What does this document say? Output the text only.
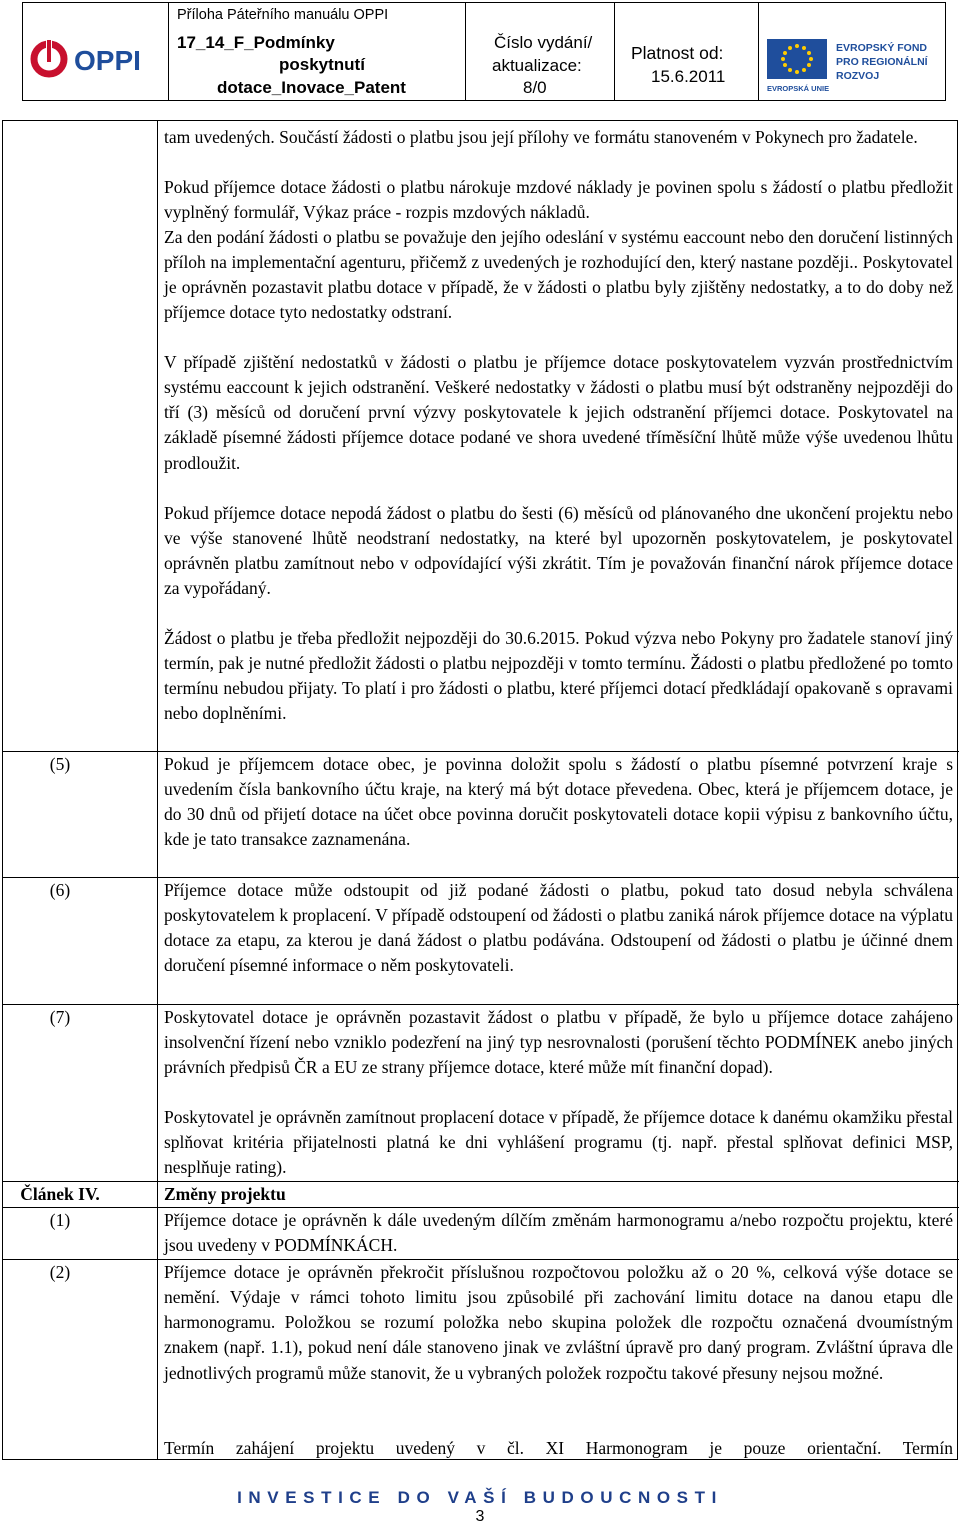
OPPI
Příloha Páteřního manuálu OPPI
17_14_F_Podmínky
poskytnutí
dotace_Inovace_Patent
Číslo vydání/
aktualizace:
8/0
Platnost od:
15.6.2011
EVROPSKÁ UNIE
EVROPSKÝ FOND
PRO REGIONÁLNÍ
ROZVOJ
tam uvedených. Součástí žádosti o platbu jsou její přílohy ve formátu stanoveném v Pokynech pro žadatele.
Pokud příjemce dotace žádosti o platbu nárokuje mzdové náklady je povinen spolu s žádostí o platbu předložit vyplněný formulář, Výkaz práce - rozpis mzdových nákladů.
Za den podání žádosti o platbu se považuje den jejího odeslání v systému eaccount nebo den doručení listinných příloh na implementační agenturu, přičemž z uvedených je rozhodující den, který nastane později.. Poskytovatel je oprávněn pozastavit platbu dotace v případě, že v žádosti o platbu byly zjištěny nedostatky, a to do doby než příjemce dotace tyto nedostatky odstraní.
V případě zjištění nedostatků v žádosti o platbu je příjemce dotace poskytovatelem vyzván prostřednictvím systému eaccount k jejich odstranění. Veškeré nedostatky v žádosti o platbu musí být odstraněny nejpozději do tří (3) měsíců od doručení první výzvy poskytovatele k jejich odstranění příjemci dotace. Poskytovatel na základě písemné žádosti příjemce dotace podané ve shora uvedené tříměsíční lhůtě může výše uvedenou lhůtu prodloužit.
Pokud příjemce dotace nepodá žádost o platbu do šesti (6) měsíců od plánovaného dne ukončení projektu nebo ve výše stanovené lhůtě neodstraní nedostatky, na které byl upozorněn poskytovatelem, je poskytovatel oprávněn platbu zamítnout nebo v odpovídající výši zkrátit. Tím je považován finanční nárok příjemce dotace za vypořádaný.
Žádost o platbu je třeba předložit nejpozději do 30.6.2015. Pokud výzva nebo Pokyny pro žadatele stanoví jiný termín, pak je nutné předložit žádosti o platbu nejpozději v tomto termínu. Žádosti o platbu předložené po tomto termínu nebudou přijaty. To platí i pro žádosti o platbu, které příjemci dotací předkládají opakovaně s opravami nebo doplněními.
(5)	Pokud je příjemcem dotace obec, je povinna doložit spolu s žádostí o platbu písemné potvrzení kraje s uvedením čísla bankovního účtu kraje, na který má být dotace převedena. Obec, která je příjemcem dotace, je do 30 dnů od přijetí dotace na účet obce povinna doručit poskytovateli dotace kopii výpisu z bankovního účtu, kde je tato transakce zaznamenána.
(6)	Příjemce dotace může odstoupit od již podané žádosti o platbu, pokud tato dosud nebyla schválena poskytovatelem k proplacení. V případě odstoupení od žádosti o platbu zaniká nárok příjemce dotace na výplatu dotace za etapu, za kterou je daná žádost o platbu podávána. Odstoupení od žádosti o platbu je účinné dnem doručení písemné informace o něm poskytovateli.
(7)	Poskytovatel dotace je oprávněn pozastavit žádost o platbu v případě, že bylo u příjemce dotace zahájeno insolvenční řízení nebo vzniklo podezření na jiný typ nesrovnalosti (porušení těchto PODMÍNEK anebo jiných právních předpisů ČR a EU ze strany příjemce dotace, které může mít finanční dopad).
Poskytovatel je oprávněn zamítnout proplacení dotace v případě, že příjemce dotace k danému okamžiku přestal splňovat kritéria přijatelnosti platná ke dni vyhlášení programu (tj. např. přestal splňovat definici MSP, nesplňuje rating).
Článek IV.	Změny projektu
(1)	Příjemce dotace je oprávněn k dále uvedeným dílčím změnám harmonogramu a/nebo rozpočtu projektu, které jsou uvedeny v PODMÍNKÁCH.
(2)	Příjemce dotace je oprávněn překročit příslušnou rozpočtovou položku až o 20 %, celková výše dotace se nemění. Výdaje v rámci tohoto limitu jsou způsobilé při zachování limitu dotace na danou etapu dle harmonogramu. Položkou se rozumí položka nebo skupina položek dle rozpočtu označená dvoumístným znakem (např. 1.1), pokud není dále stanoveno jinak ve zvláštní úpravě pro daný program. Zvláštní úprava dle jednotlivých programů může stanovit, že u vybraných položek rozpočtu takové přesuny nejsou možné.
Termín zahájení projektu uvedený v čl. XI Harmonogram je pouze orientační. Termín
INVESTICE DO VAŠÍ BUDOUCNOSTI
3
